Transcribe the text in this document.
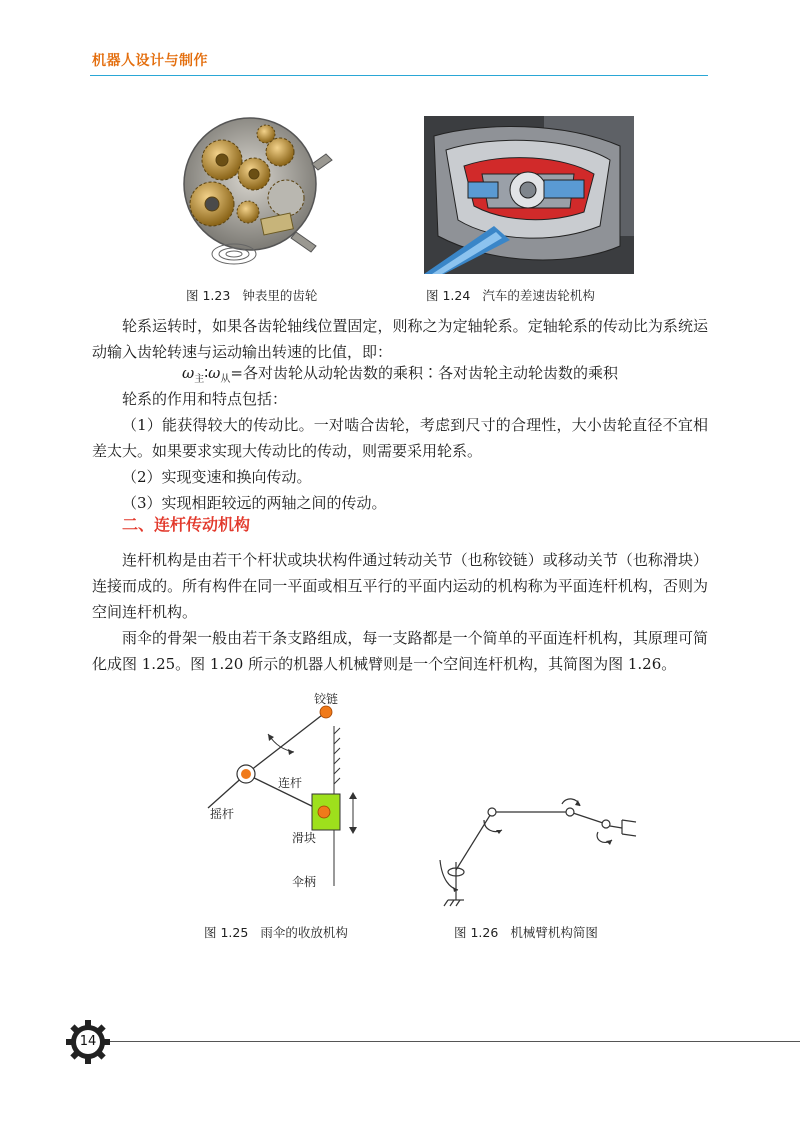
机器人设计与制作
图 1.23 钟表里的齿轮	图 1.24 汽车的差速齿轮机构
轮系运转时，如果各齿轮轴线位置固定，则称之为定轴轮系。定轴轮系的传动比为系统运动输入齿轮转速与运动输出转速的比值，即：
$\omega_主∶\omega_从=$各对齿轮从动轮齿数的乘积∶各对齿轮主动轮齿数的乘积
轮系的作用和特点包括：
（1）能获得较大的传动比。一对啮合齿轮，考虑到尺寸的合理性，大小齿轮直径不宜相差太大。如果要求实现大传动比的传动，则需要采用轮系。
（2）实现变速和换向传动。
（3）实现相距较远的两轴之间的传动。
二、连杆传动机构
连杆机构是由若干个杆状或块状构件通过转动关节（也称铰链）或移动关节（也称滑块）连接而成的。所有构件在同一平面或相互平行的平面内运动的机构称为平面连杆机构，否则为空间连杆机构。
雨伞的骨架一般由若干条支路组成，每一支路都是一个简单的平面连杆机构，其原理可简化成图 1.25。图 1.20 所示的机器人机械臂则是一个空间连杆机构，其简图为图 1.26。
铰链
连杆
摇杆
滑块
伞柄
图 1.25 雨伞的收放机构	图 1.26 机械臂机构简图
14
